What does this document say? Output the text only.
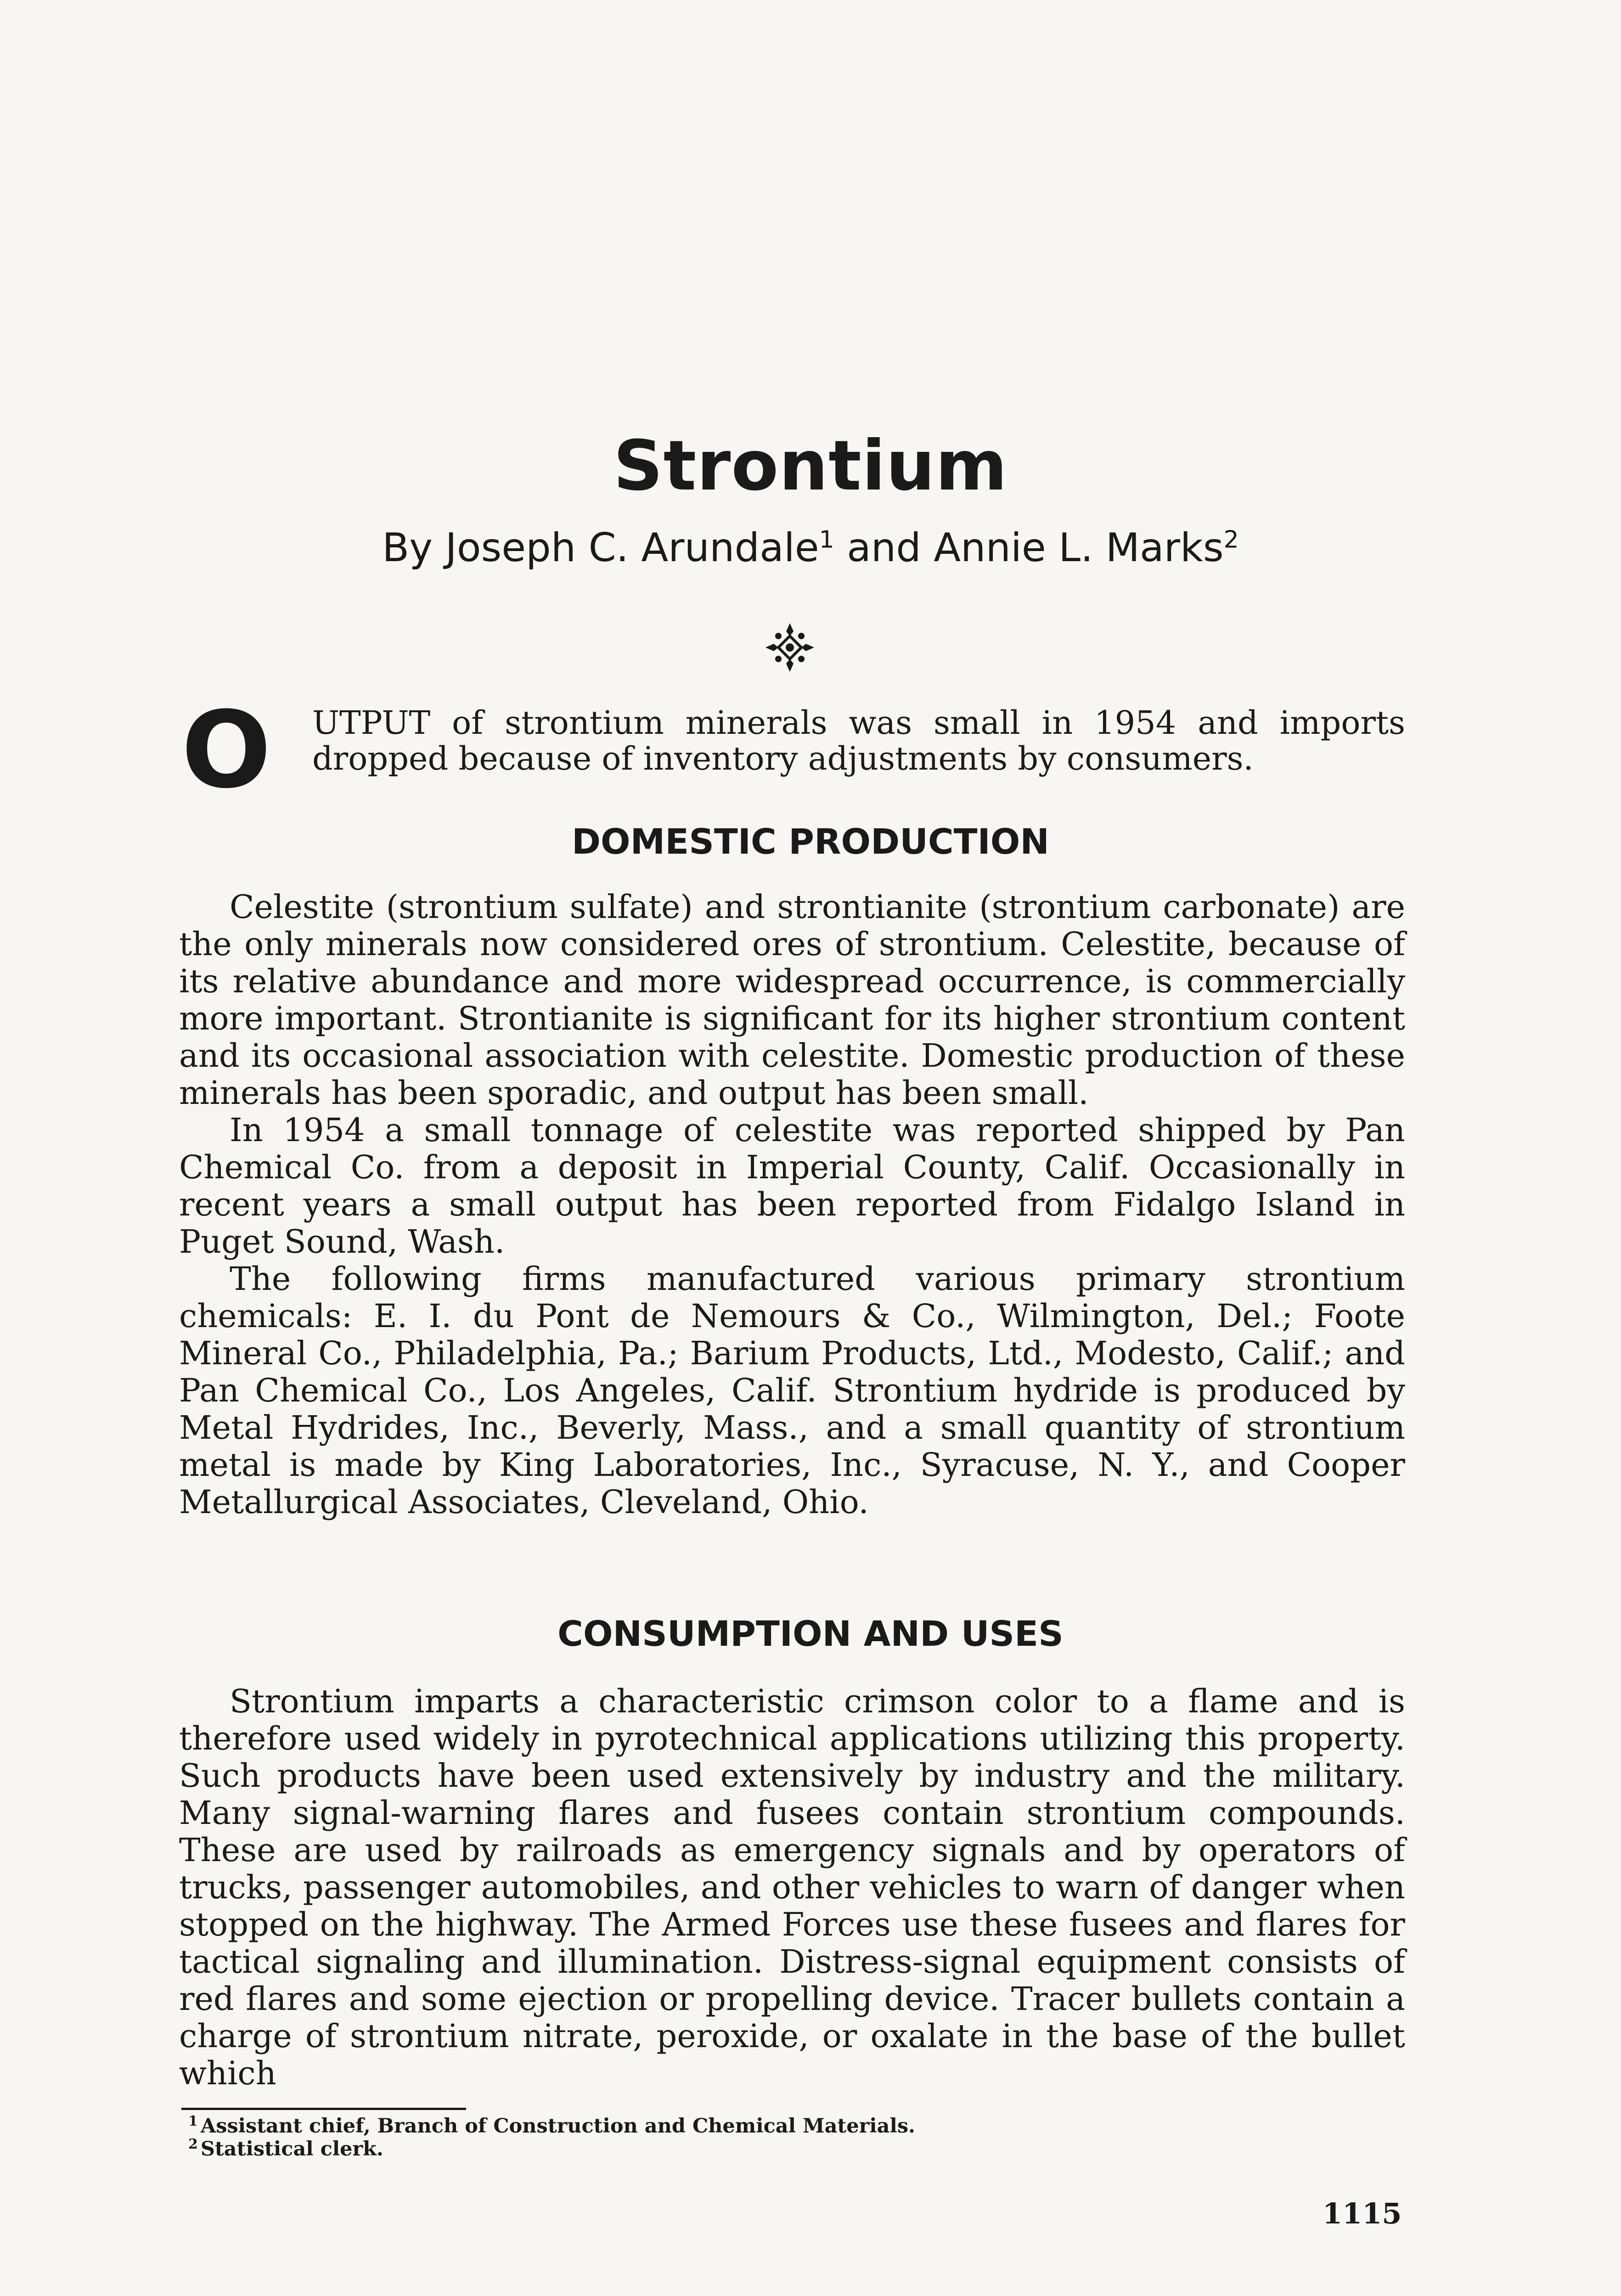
Strontium
By Joseph C. Arundale$^1$ and Annie L. Marks$^2$
O UTPUT of strontium minerals was small in 1954 and imports dropped because of inventory adjustments by consumers.
DOMESTIC PRODUCTION

Celestite (strontium sulfate) and strontianite (strontium carbonate) are the only minerals now considered ores of strontium. Celestite, because of its relative abundance and more widespread occurrence, is commercially more important. Strontianite is significant for its higher strontium content and its occasional association with celestite. Domestic production of these minerals has been sporadic, and output has been small.

In 1954 a small tonnage of celestite was reported shipped by Pan Chemical Co. from a deposit in Imperial County, Calif. Occasionally in recent years a small output has been reported from Fidalgo Island in Puget Sound, Wash.

The following firms manufactured various primary strontium chemicals: E. I. du Pont de Nemours & Co., Wilmington, Del.; Foote Mineral Co., Philadelphia, Pa.; Barium Products, Ltd., Modesto, Calif.; and Pan Chemical Co., Los Angeles, Calif. Strontium hydride is produced by Metal Hydrides, Inc., Beverly, Mass., and a small quantity of strontium metal is made by King Laboratories, Inc., Syracuse, N. Y., and Cooper Metallurgical Associates, Cleveland, Ohio.

CONSUMPTION AND USES

Strontium imparts a characteristic crimson color to a flame and is therefore used widely in pyrotechnical applications utilizing this property. Such products have been used extensively by industry and the military. Many signal-warning flares and fusees contain strontium compounds. These are used by railroads as emergency signals and by operators of trucks, passenger automobiles, and other vehicles to warn of danger when stopped on the highway. The Armed Forces use these fusees and flares for tactical signaling and illumination. Distress-signal equipment consists of red flares and some ejection or propelling device. Tracer bullets contain a charge of strontium nitrate, peroxide, or oxalate in the base of the bullet which

$^1$ Assistant chief, Branch of Construction and Chemical Materials.
$^2$ Statistical clerk.
1115
